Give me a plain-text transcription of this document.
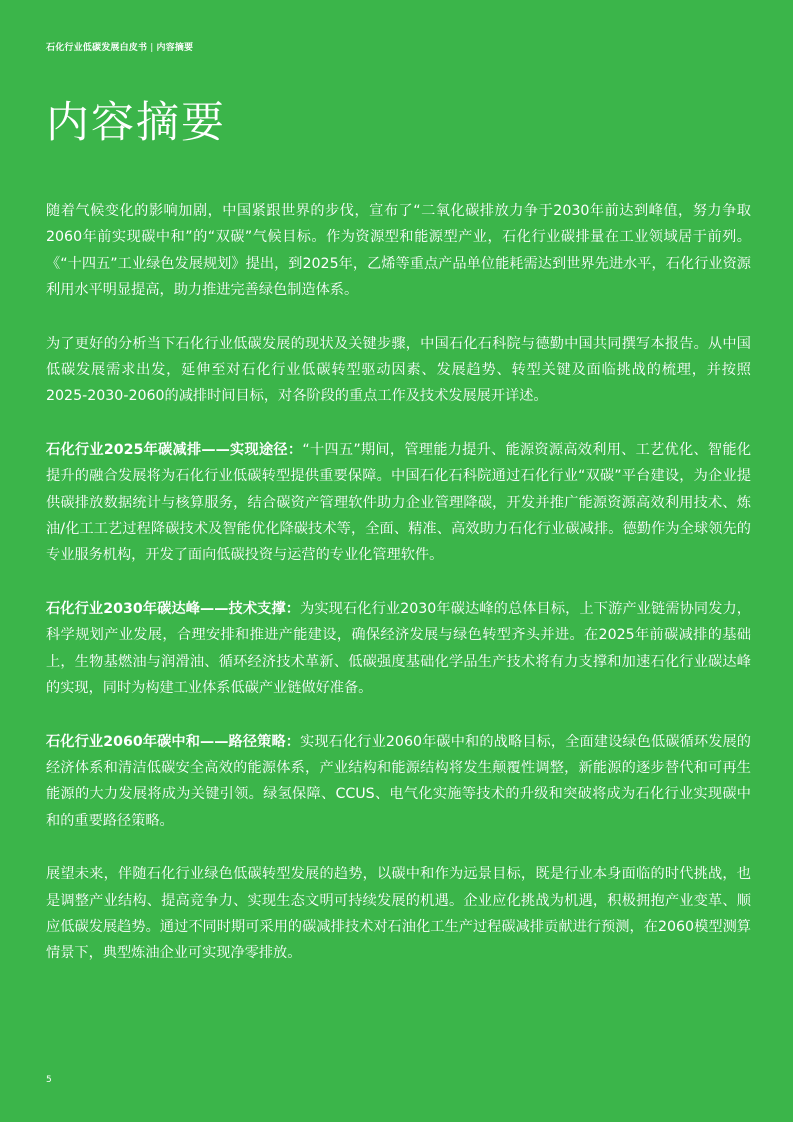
石化行业低碳发展白皮书 | 内容摘要
内容摘要

随着气候变化的影响加剧，中国紧跟世界的步伐，宣布了“二氧化碳排放力争于2030年前达到峰值，努力争取2060年前实现碳中和”的“双碳”气候目标。作为资源型和能源型产业，石化行业碳排量在工业领域居于前列。《“十四五”工业绿色发展规划》提出，到2025年，乙烯等重点产品单位能耗需达到世界先进水平，石化行业资源利用水平明显提高，助力推进完善绿色制造体系。

为了更好的分析当下石化行业低碳发展的现状及关键步骤，中国石化石科院与德勤中国共同撰写本报告。从中国低碳发展需求出发，延伸至对石化行业低碳转型驱动因素、发展趋势、转型关键及面临挑战的梳理，并按照2025-2030-2060的减排时间目标，对各阶段的重点工作及技术发展展开详述。

石化行业2025年碳减排——实现途径：“十四五”期间，管理能力提升、能源资源高效利用、工艺优化、智能化提升的融合发展将为石化行业低碳转型提供重要保障。中国石化石科院通过石化行业“双碳”平台建设，为企业提供碳排放数据统计与核算服务，结合碳资产管理软件助力企业管理降碳，开发并推广能源资源高效利用技术、炼油/化工工艺过程降碳技术及智能优化降碳技术等，全面、精准、高效助力石化行业碳减排。德勤作为全球领先的专业服务机构，开发了面向低碳投资与运营的专业化管理软件。

石化行业2030年碳达峰——技术支撑：为实现石化行业2030年碳达峰的总体目标，上下游产业链需协同发力，科学规划产业发展，合理安排和推进产能建设，确保经济发展与绿色转型齐头并进。在2025年前碳减排的基础上，生物基燃油与润滑油、循环经济技术革新、低碳强度基础化学品生产技术将有力支撑和加速石化行业碳达峰的实现，同时为构建工业体系低碳产业链做好准备。

石化行业2060年碳中和——路径策略：实现石化行业2060年碳中和的战略目标，全面建设绿色低碳循环发展的经济体系和清洁低碳安全高效的能源体系，产业结构和能源结构将发生颠覆性调整，新能源的逐步替代和可再生能源的大力发展将成为关键引领。绿氢保障、CCUS、电气化实施等技术的升级和突破将成为石化行业实现碳中和的重要路径策略。

展望未来，伴随石化行业绿色低碳转型发展的趋势，以碳中和作为远景目标，既是行业本身面临的时代挑战，也是调整产业结构、提高竞争力、实现生态文明可持续发展的机遇。企业应化挑战为机遇，积极拥抱产业变革、顺应低碳发展趋势。通过不同时期可采用的碳减排技术对石油化工生产过程碳减排贡献进行预测，在2060模型测算情景下，典型炼油企业可实现净零排放。

5
